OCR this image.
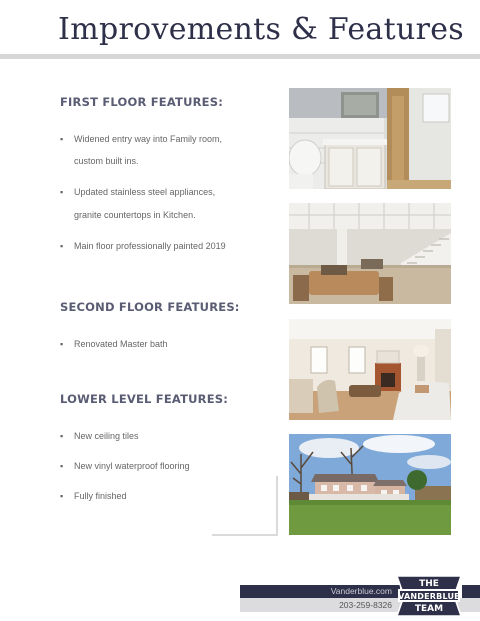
Improvements & Features
FIRST FLOOR FEATURES:
▪ Widened entry way into Family room,
custom built ins.
▪ Updated stainless steel appliances,
granite countertops in Kitchen.
▪ Main floor professionally painted 2019
SECOND FLOOR FEATURES:
▪ Renovated Master bath
LOWER LEVEL FEATURES:
▪ New ceiling tiles
▪ New vinyl waterproof flooring
▪ Fully finished
Vanderblue.com
203-259-8326
THE
VANDERBLUE
TEAM
